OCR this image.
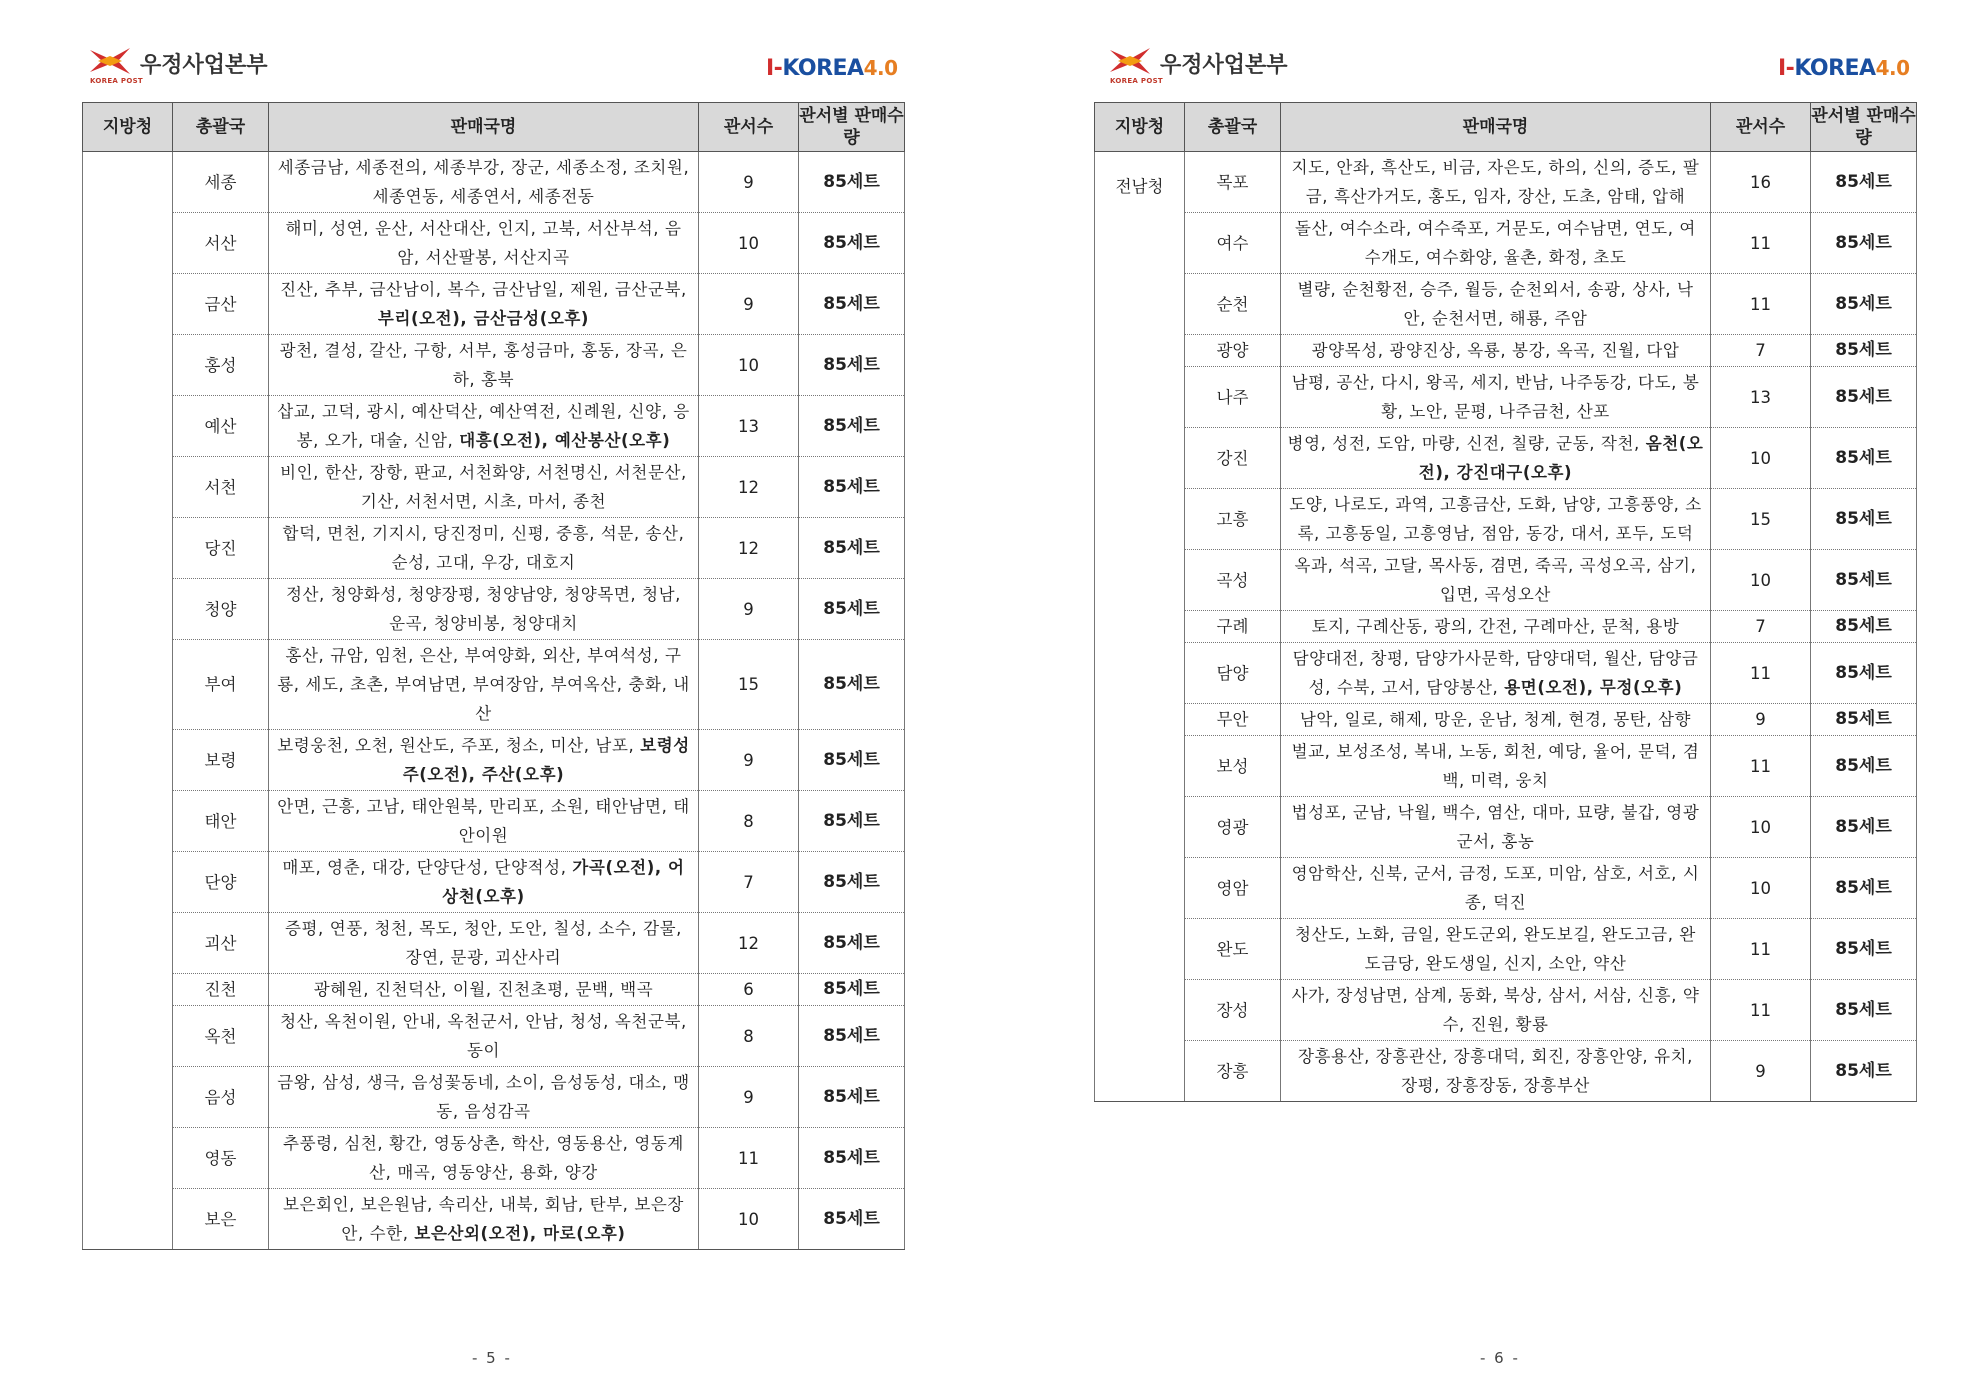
KOREA POST
우정사업본부	I-KOREA4.0
지방청	총괄국	판매국명	관서수	관서별 판매수량
	세종	세종금남, 세종전의, 세종부강, 장군, 세종소정, 조치원, 세종연동, 세종연서, 세종전동	9	85세트
	서산	해미, 성연, 운산, 서산대산, 인지, 고북, 서산부석, 음암, 서산팔봉, 서산지곡	10	85세트
	금산	진산, 추부, 금산남이, 복수, 금산남일, 제원, 금산군북, 부리(오전), 금산금성(오후)	9	85세트
	홍성	광천, 결성, 갈산, 구항, 서부, 홍성금마, 홍동, 장곡, 은하, 홍북	10	85세트
	예산	삽교, 고덕, 광시, 예산덕산, 예산역전, 신례원, 신양, 응봉, 오가, 대술, 신암, 대흥(오전), 예산봉산(오후)	13	85세트
	서천	비인, 한산, 장항, 판교, 서천화양, 서천명신, 서천문산, 기산, 서천서면, 시초, 마서, 종천	12	85세트
	당진	합덕, 면천, 기지시, 당진정미, 신평, 중흥, 석문, 송산, 순성, 고대, 우강, 대호지	12	85세트
	청양	정산, 청양화성, 청양장평, 청양남양, 청양목면, 청남, 운곡, 청양비봉, 청양대치	9	85세트
	부여	홍산, 규암, 임천, 은산, 부여양화, 외산, 부여석성, 구룡, 세도, 초촌, 부여남면, 부여장암, 부여옥산, 충화, 내산	15	85세트
	보령	보령웅천, 오천, 원산도, 주포, 청소, 미산, 남포, 보령성주(오전), 주산(오후)	9	85세트
	태안	안면, 근흥, 고남, 태안원북, 만리포, 소원, 태안남면, 태안이원	8	85세트
	단양	매포, 영춘, 대강, 단양단성, 단양적성, 가곡(오전), 어상천(오후)	7	85세트
	괴산	증평, 연풍, 청천, 목도, 청안, 도안, 칠성, 소수, 감물, 장연, 문광, 괴산사리	12	85세트
	진천	광혜원, 진천덕산, 이월, 진천초평, 문백, 백곡	6	85세트
	옥천	청산, 옥천이원, 안내, 옥천군서, 안남, 청성, 옥천군북, 동이	8	85세트
	음성	금왕, 삼성, 생극, 음성꽃동네, 소이, 음성동성, 대소, 맹동, 음성감곡	9	85세트
	영동	추풍령, 심천, 황간, 영동상촌, 학산, 영동용산, 영동계산, 매곡, 영동양산, 용화, 양강	11	85세트
	보은	보은회인, 보은원남, 속리산, 내북, 회남, 탄부, 보은장안, 수한, 보은산외(오전), 마로(오후)	10	85세트
- 5 -
KOREA POST
우정사업본부	I-KOREA4.0
지방청	총괄국	판매국명	관서수	관서별 판매수량
전남청	목포	지도, 안좌, 흑산도, 비금, 자은도, 하의, 신의, 증도, 팔금, 흑산가거도, 홍도, 임자, 장산, 도초, 암태, 압해	16	85세트
	여수	돌산, 여수소라, 여수죽포, 거문도, 여수남면, 연도, 여수개도, 여수화양, 율촌, 화정, 초도	11	85세트
	순천	별량, 순천황전, 승주, 월등, 순천외서, 송광, 상사, 낙안, 순천서면, 해룡, 주암	11	85세트
	광양	광양목성, 광양진상, 옥룡, 봉강, 옥곡, 진월, 다압	7	85세트
	나주	남평, 공산, 다시, 왕곡, 세지, 반남, 나주동강, 다도, 봉황, 노안, 문평, 나주금천, 산포	13	85세트
	강진	병영, 성전, 도암, 마량, 신전, 칠량, 군동, 작천, 옴천(오전), 강진대구(오후)	10	85세트
	고흥	도양, 나로도, 과역, 고흥금산, 도화, 남양, 고흥풍양, 소록, 고흥동일, 고흥영남, 점암, 동강, 대서, 포두, 도덕	15	85세트
	곡성	옥과, 석곡, 고달, 목사동, 겸면, 죽곡, 곡성오곡, 삼기, 입면, 곡성오산	10	85세트
	구례	토지, 구례산동, 광의, 간전, 구례마산, 문척, 용방	7	85세트
	담양	담양대전, 창평, 담양가사문학, 담양대덕, 월산, 담양금성, 수북, 고서, 담양봉산, 용면(오전), 무정(오후)	11	85세트
	무안	남악, 일로, 해제, 망운, 운남, 청계, 현경, 몽탄, 삼향	9	85세트
	보성	벌교, 보성조성, 복내, 노동, 회천, 예당, 율어, 문덕, 겸백, 미력, 웅치	11	85세트
	영광	법성포, 군남, 낙월, 백수, 염산, 대마, 묘량, 불갑, 영광군서, 홍농	10	85세트
	영암	영암학산, 신북, 군서, 금정, 도포, 미암, 삼호, 서호, 시종, 덕진	10	85세트
	완도	청산도, 노화, 금일, 완도군외, 완도보길, 완도고금, 완도금당, 완도생일, 신지, 소안, 약산	11	85세트
	장성	사가, 장성남면, 삼계, 동화, 북상, 삼서, 서삼, 신흥, 약수, 진원, 황룡	11	85세트
	장흥	장흥용산, 장흥관산, 장흥대덕, 회진, 장흥안양, 유치, 장평, 장흥장동, 장흥부산	9	85세트
- 6 -
